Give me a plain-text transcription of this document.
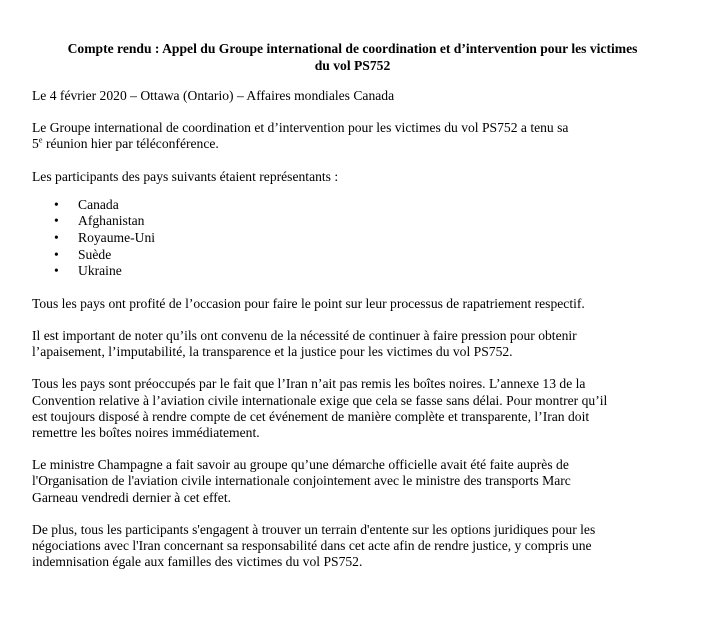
Compte rendu : Appel du Groupe international de coordination et d’intervention pour les victimes
du vol PS752

Le 4 février 2020 – Ottawa (Ontario) – Affaires mondiales Canada

Le Groupe international de coordination et d’intervention pour les victimes du vol PS752 a tenu sa
5e réunion hier par téléconférence.

Les participants des pays suivants étaient représentants :

• Canada
• Afghanistan
• Royaume-Uni
• Suède
• Ukraine

Tous les pays ont profité de l’occasion pour faire le point sur leur processus de rapatriement respectif.

Il est important de noter qu’ils ont convenu de la nécessité de continuer à faire pression pour obtenir
l’apaisement, l’imputabilité, la transparence et la justice pour les victimes du vol PS752.

Tous les pays sont préoccupés par le fait que l’Iran n’ait pas remis les boîtes noires. L’annexe 13 de la
Convention relative à l’aviation civile internationale exige que cela se fasse sans délai. Pour montrer qu’il
est toujours disposé à rendre compte de cet événement de manière complète et transparente, l’Iran doit
remettre les boîtes noires immédiatement.

Le ministre Champagne a fait savoir au groupe qu’une démarche officielle avait été faite auprès de
l'Organisation de l'aviation civile internationale conjointement avec le ministre des transports Marc
Garneau vendredi dernier à cet effet.

De plus, tous les participants s'engagent à trouver un terrain d'entente sur les options juridiques pour les
négociations avec l'Iran concernant sa responsabilité dans cet acte afin de rendre justice, y compris une
indemnisation égale aux familles des victimes du vol PS752.
